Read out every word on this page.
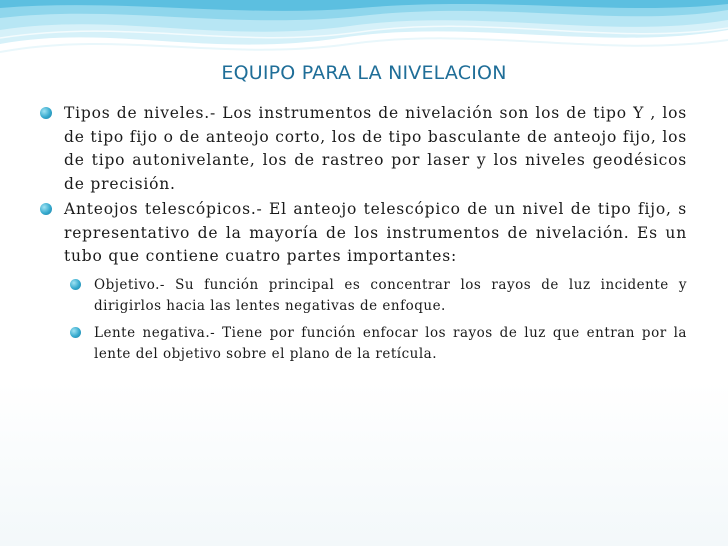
EQUIPO PARA LA NIVELACION
Tipos de niveles.- Los instrumentos de nivelación son los de tipo Y , los de tipo fijo o de anteojo corto, los de tipo basculante de anteojo fijo, los de tipo autonivelante, los de rastreo por laser y los niveles geodésicos de precisión.
Anteojos telescópicos.- El anteojo telescópico de un nivel de tipo fijo, s representativo de la mayoría de los instrumentos de nivelación. Es un tubo que contiene cuatro partes importantes:
Objetivo.- Su función principal es concentrar los rayos de luz incidente y dirigirlos hacia las lentes negativas de enfoque.
Lente negativa.- Tiene por función enfocar los rayos de luz que entran por la lente del objetivo sobre el plano de la retícula.
